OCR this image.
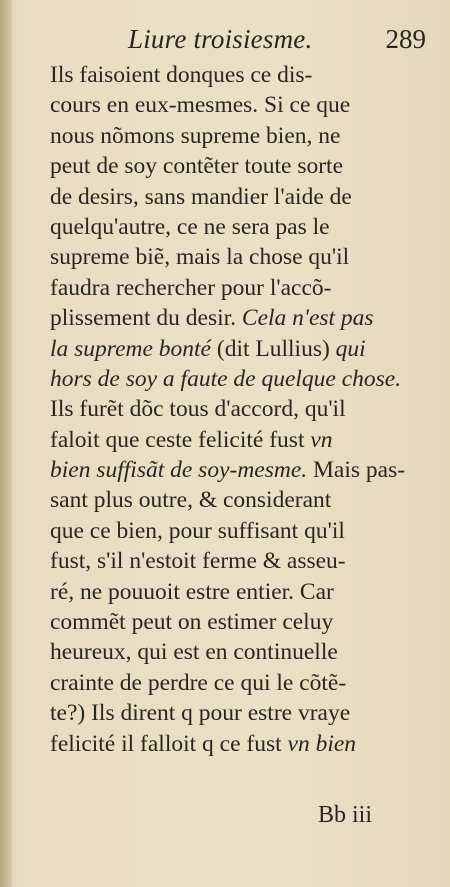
Liure troisiesme.	289
Ils faisoient donques ce dis-
cours en eux-mesmes. Si ce que
nous nõmons supreme bien, ne
peut de soy contẽter toute sorte
de desirs, sans mandier l'aide de
quelqu'autre, ce ne sera pas le
supreme biẽ, mais la chose qu'il
faudra rechercher pour l'accõ-
plissement du desir. Cela n'est pas
la supreme bonté (dit Lullius) qui
hors de soy a faute de quelque chose.
Ils furẽt dõc tous d'accord, qu'il
faloit que ceste felicité fust vn
bien suffisãt de soy-mesme. Mais pas-
sant plus outre, & considerant
que ce bien, pour suffisant qu'il
fust, s'il n'estoit ferme & asseu-
ré, ne pouuoit estre entier. Car
commẽt peut on estimer celuy
heureux, qui est en continuelle
crainte de perdre ce qui le cõtẽ-
te?) Ils dirent q pour estre vraye
felicité il falloit q ce fust vn bien
Bb iii
